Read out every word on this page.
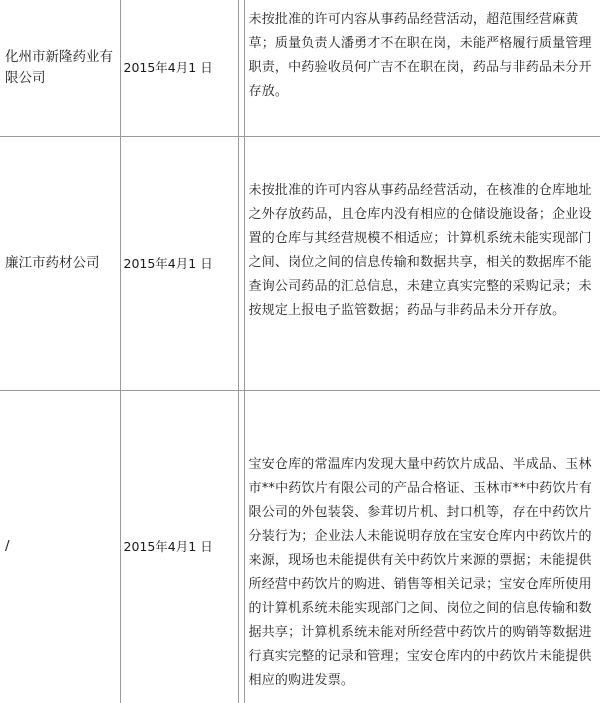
化州市新隆药业有限公司	2015年4月1 日		未按批准的许可内容从事药品经营活动，超范围经营麻黄草；质量负责人潘勇才不在职在岗，未能严格履行质量管理职责，中药验收员何广吉不在职在岗，药品与非药品未分开存放。
廉江市药材公司	2015年4月1 日		未按批准的许可内容从事药品经营活动，在核准的仓库地址之外存放药品，且仓库内没有相应的仓储设施设备；企业设置的仓库与其经营规模不相适应；计算机系统未能实现部门之间、岗位之间的信息传输和数据共享，相关的数据库不能查询公司药品的汇总信息，未建立真实完整的采购记录；未按规定上报电子监管数据；药品与非药品未分开存放。
/	2015年4月1 日		宝安仓库的常温库内发现大量中药饮片成品、半成品、玉林市**中药饮片有限公司的产品合格证、玉林市**中药饮片有限公司的外包装袋、参茸切片机、封口机等，存在中药饮片分装行为；企业法人未能说明存放在宝安仓库内中药饮片的来源，现场也未能提供有关中药饮片来源的票据；未能提供所经营中药饮片的购进、销售等相关记录；宝安仓库所使用的计算机系统未能实现部门之间、岗位之间的信息传输和数据共享；计算机系统未能对所经营中药饮片的购销等数据进行真实完整的记录和管理；宝安仓库内的中药饮片未能提供相应的购进发票。
